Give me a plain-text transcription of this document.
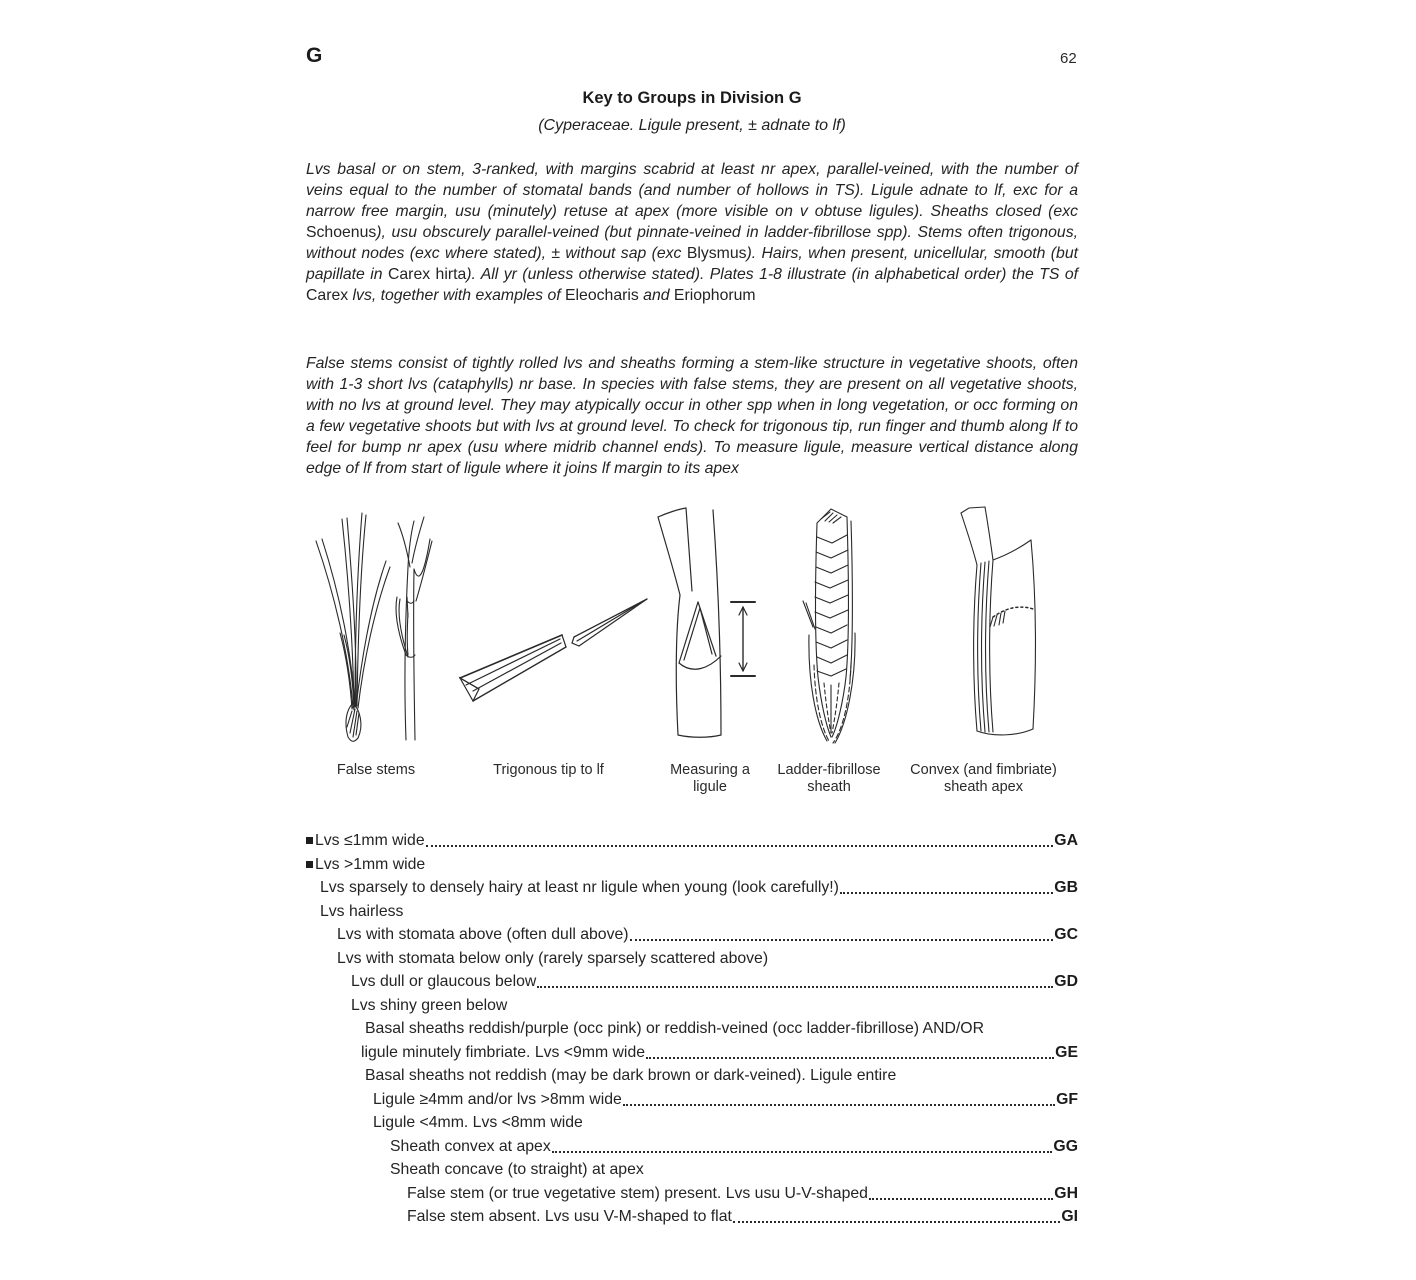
G	62
Key to Groups in Division G
(Cyperaceae. Ligule present, ± adnate to lf)
Lvs basal or on stem, 3-ranked, with margins scabrid at least nr apex, parallel-veined, with the number of veins equal to the number of stomatal bands (and number of hollows in TS). Ligule adnate to lf, exc for a narrow free margin, usu (minutely) retuse at apex (more visible on v obtuse ligules). Sheaths closed (exc Schoenus), usu obscurely parallel-veined (but pinnate-veined in ladder-fibrillose spp). Stems often trigonous, without nodes (exc where stated), ± without sap (exc Blysmus). Hairs, when present, unicellular, smooth (but papillate in Carex hirta). All yr (unless otherwise stated). Plates 1-8 illustrate (in alphabetical order) the TS of Carex lvs, together with examples of Eleocharis and Eriophorum
False stems consist of tightly rolled lvs and sheaths forming a stem-like structure in vegetative shoots, often with 1-3 short lvs (cataphylls) nr base. In species with false stems, they are present on all vegetative shoots, with no lvs at ground level. They may atypically occur in other spp when in long vegetation, or occ forming on a few vegetative shoots but with lvs at ground level. To check for trigonous tip, run finger and thumb along lf to feel for bump nr apex (usu where midrib channel ends). To measure ligule, measure vertical distance along edge of lf from start of ligule where it joins lf margin to its apex
False stems	Trigonous tip to lf	Measuring a ligule
Ladder-fibrillose sheath
Convex (and fimbriate) sheath apex
Lvs ≤1mm wide	GA
Lvs >1mm wide
Lvs sparsely to densely hairy at least nr ligule when young (look carefully!)	GB
Lvs hairless
Lvs with stomata above (often dull above)	GC
Lvs with stomata below only (rarely sparsely scattered above)
Lvs dull or glaucous below	GD
Lvs shiny green below
Basal sheaths reddish/purple (occ pink) or reddish-veined (occ ladder-fibrillose) AND/OR
ligule minutely fimbriate. Lvs <9mm wide	GE
Basal sheaths not reddish (may be dark brown or dark-veined). Ligule entire
Ligule ≥4mm and/or lvs >8mm wide	GF
Ligule <4mm. Lvs <8mm wide
Sheath convex at apex	GG
Sheath concave (to straight) at apex
False stem (or true vegetative stem) present. Lvs usu U-V-shaped	GH
False stem absent. Lvs usu V-M-shaped to flat	GI
